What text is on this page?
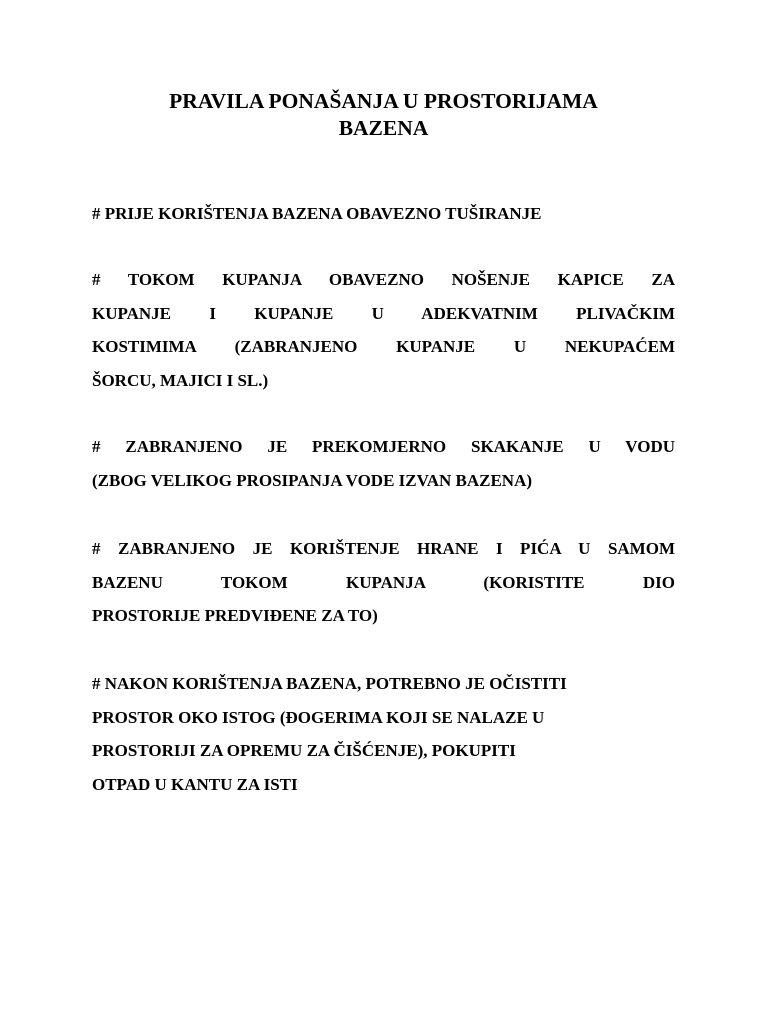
PRAVILA PONAŠANJA U PROSTORIJAMA
BAZENA

# PRIJE KORIŠTENJA BAZENA OBAVEZNO TUŠIRANJE

# TOKOM KUPANJA OBAVEZNO NOŠENJE KAPICE ZA
KUPANJE I KUPANJE U ADEKVATNIM PLIVAČKIM
KOSTIMIMA (ZABRANJENO KUPANJE U NEKUPAĆEM
ŠORCU, MAJICI I SL.)

# ZABRANJENO JE PREKOMJERNO SKAKANJE U VODU
(ZBOG VELIKOG PROSIPANJA VODE IZVAN BAZENA)

# ZABRANJENO JE KORIŠTENJE HRANE I PIĆA U SAMOM
BAZENU TOKOM KUPANJA (KORISTITE DIO
PROSTORIJE PREDVIĐENE ZA TO)

# NAKON KORIŠTENJA BAZENA, POTREBNO JE OČISTITI
PROSTOR OKO ISTOG (ĐOGERIMA KOJI SE NALAZE U
PROSTORIJI ZA OPREMU ZA ČIŠĆENJE), POKUPITI
OTPAD U KANTU ZA ISTI
